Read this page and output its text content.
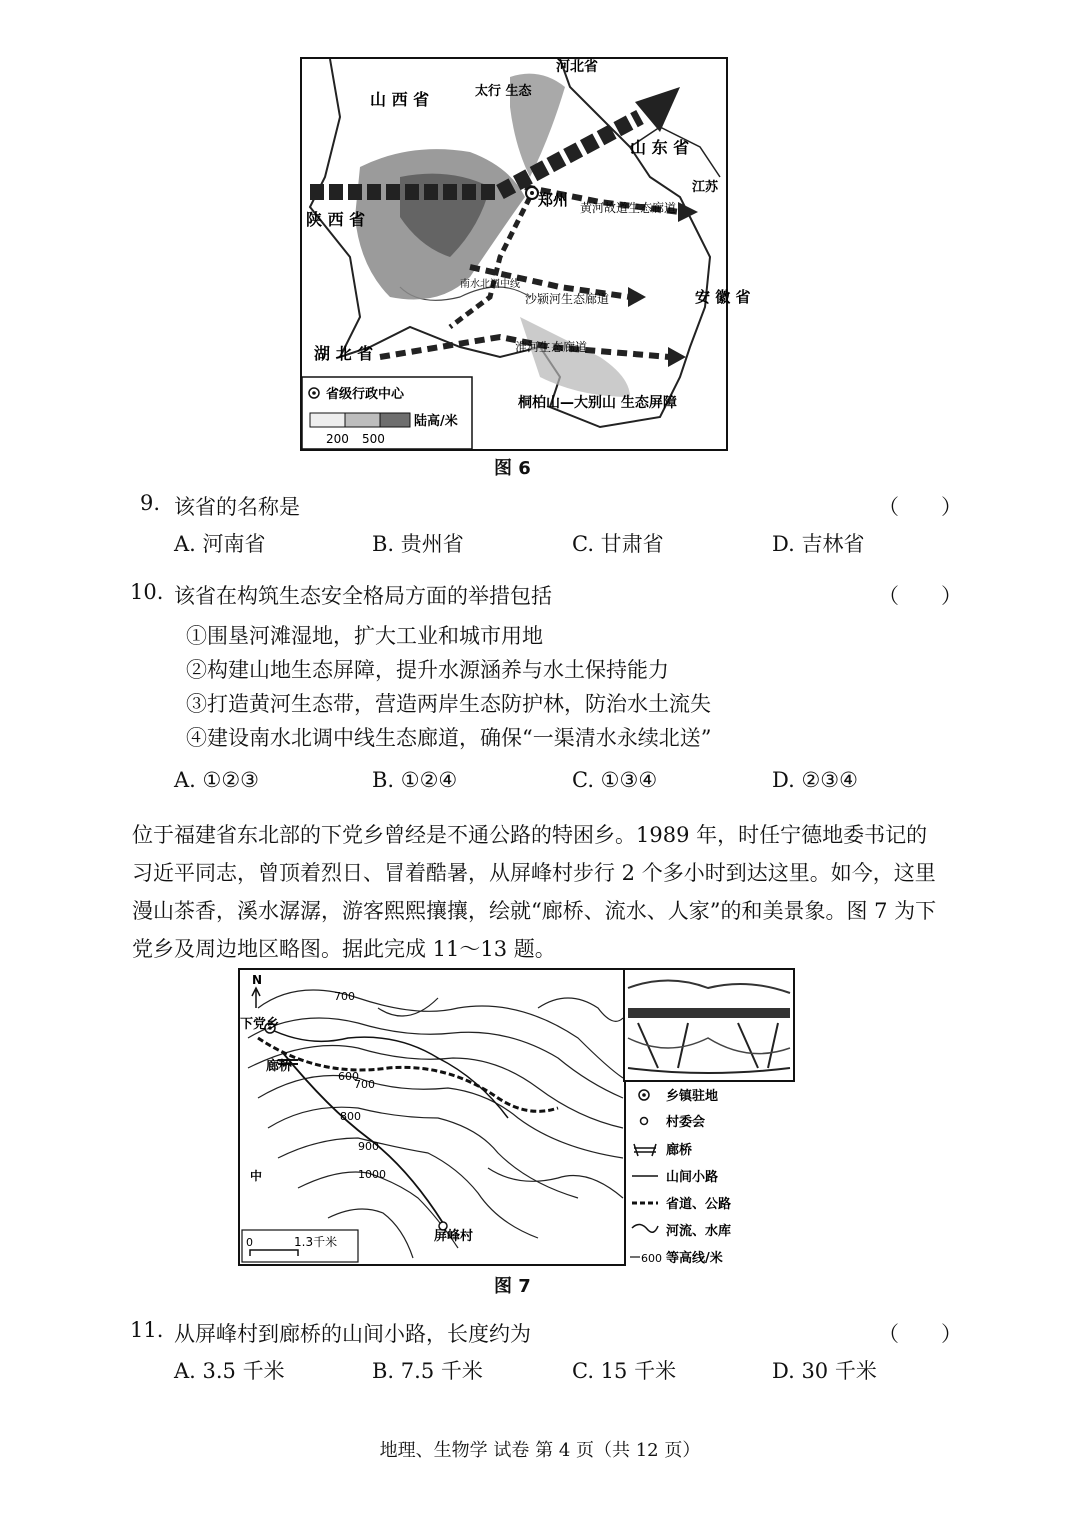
山 西 省
河北省
山 东 省
江苏
太行 生态
郑州 黄河故道生态廊道
沙颍河生态廊道
淮河生态廊道
南水北调中线
陕 西 省
湖 北 省
安 徽 省
桐柏山—大别山 生态屏障
省级行政中心
陆高/米
200 500
图 6
9. 该省的名称是	（　　）
A. 河南省	B. 贵州省	C. 甘肃省	D. 吉林省
10. 该省在构筑生态安全格局方面的举措包括	（　　）
①围垦河滩湿地，扩大工业和城市用地
②构建山地生态屏障，提升水源涵养与水土保持能力
③打造黄河生态带，营造两岸生态防护林，防治水土流失
④建设南水北调中线生态廊道，确保“一渠清水永续北送”
A. ①②③	B. ①②④	C. ①③④	D. ②③④
位于福建省东北部的下党乡曾经是不通公路的特困乡。1989 年，时任宁德地委书记的
习近平同志，曾顶着烈日、冒着酷暑，从屏峰村步行 2 个多小时到达这里。如今，这里
漫山茶香，溪水潺潺，游客熙熙攘攘，绘就“廊桥、流水、人家”的和美景象。图 7 为下
党乡及周边地区略图。据此完成 11～13 题。
N
下党乡
廊桥
屏峰村
中
700
700
600
800
900
1000
0	1.3千米
乡镇驻地
村委会
廊桥
山间小路
省道、公路
河流、水库
600 等高线/米
图 7
11. 从屏峰村到廊桥的山间小路，长度约为	（　　）
A. 3.5 千米	B. 7.5 千米	C. 15 千米	D. 30 千米
地理、生物学 试卷 第 4 页（共 12 页）
